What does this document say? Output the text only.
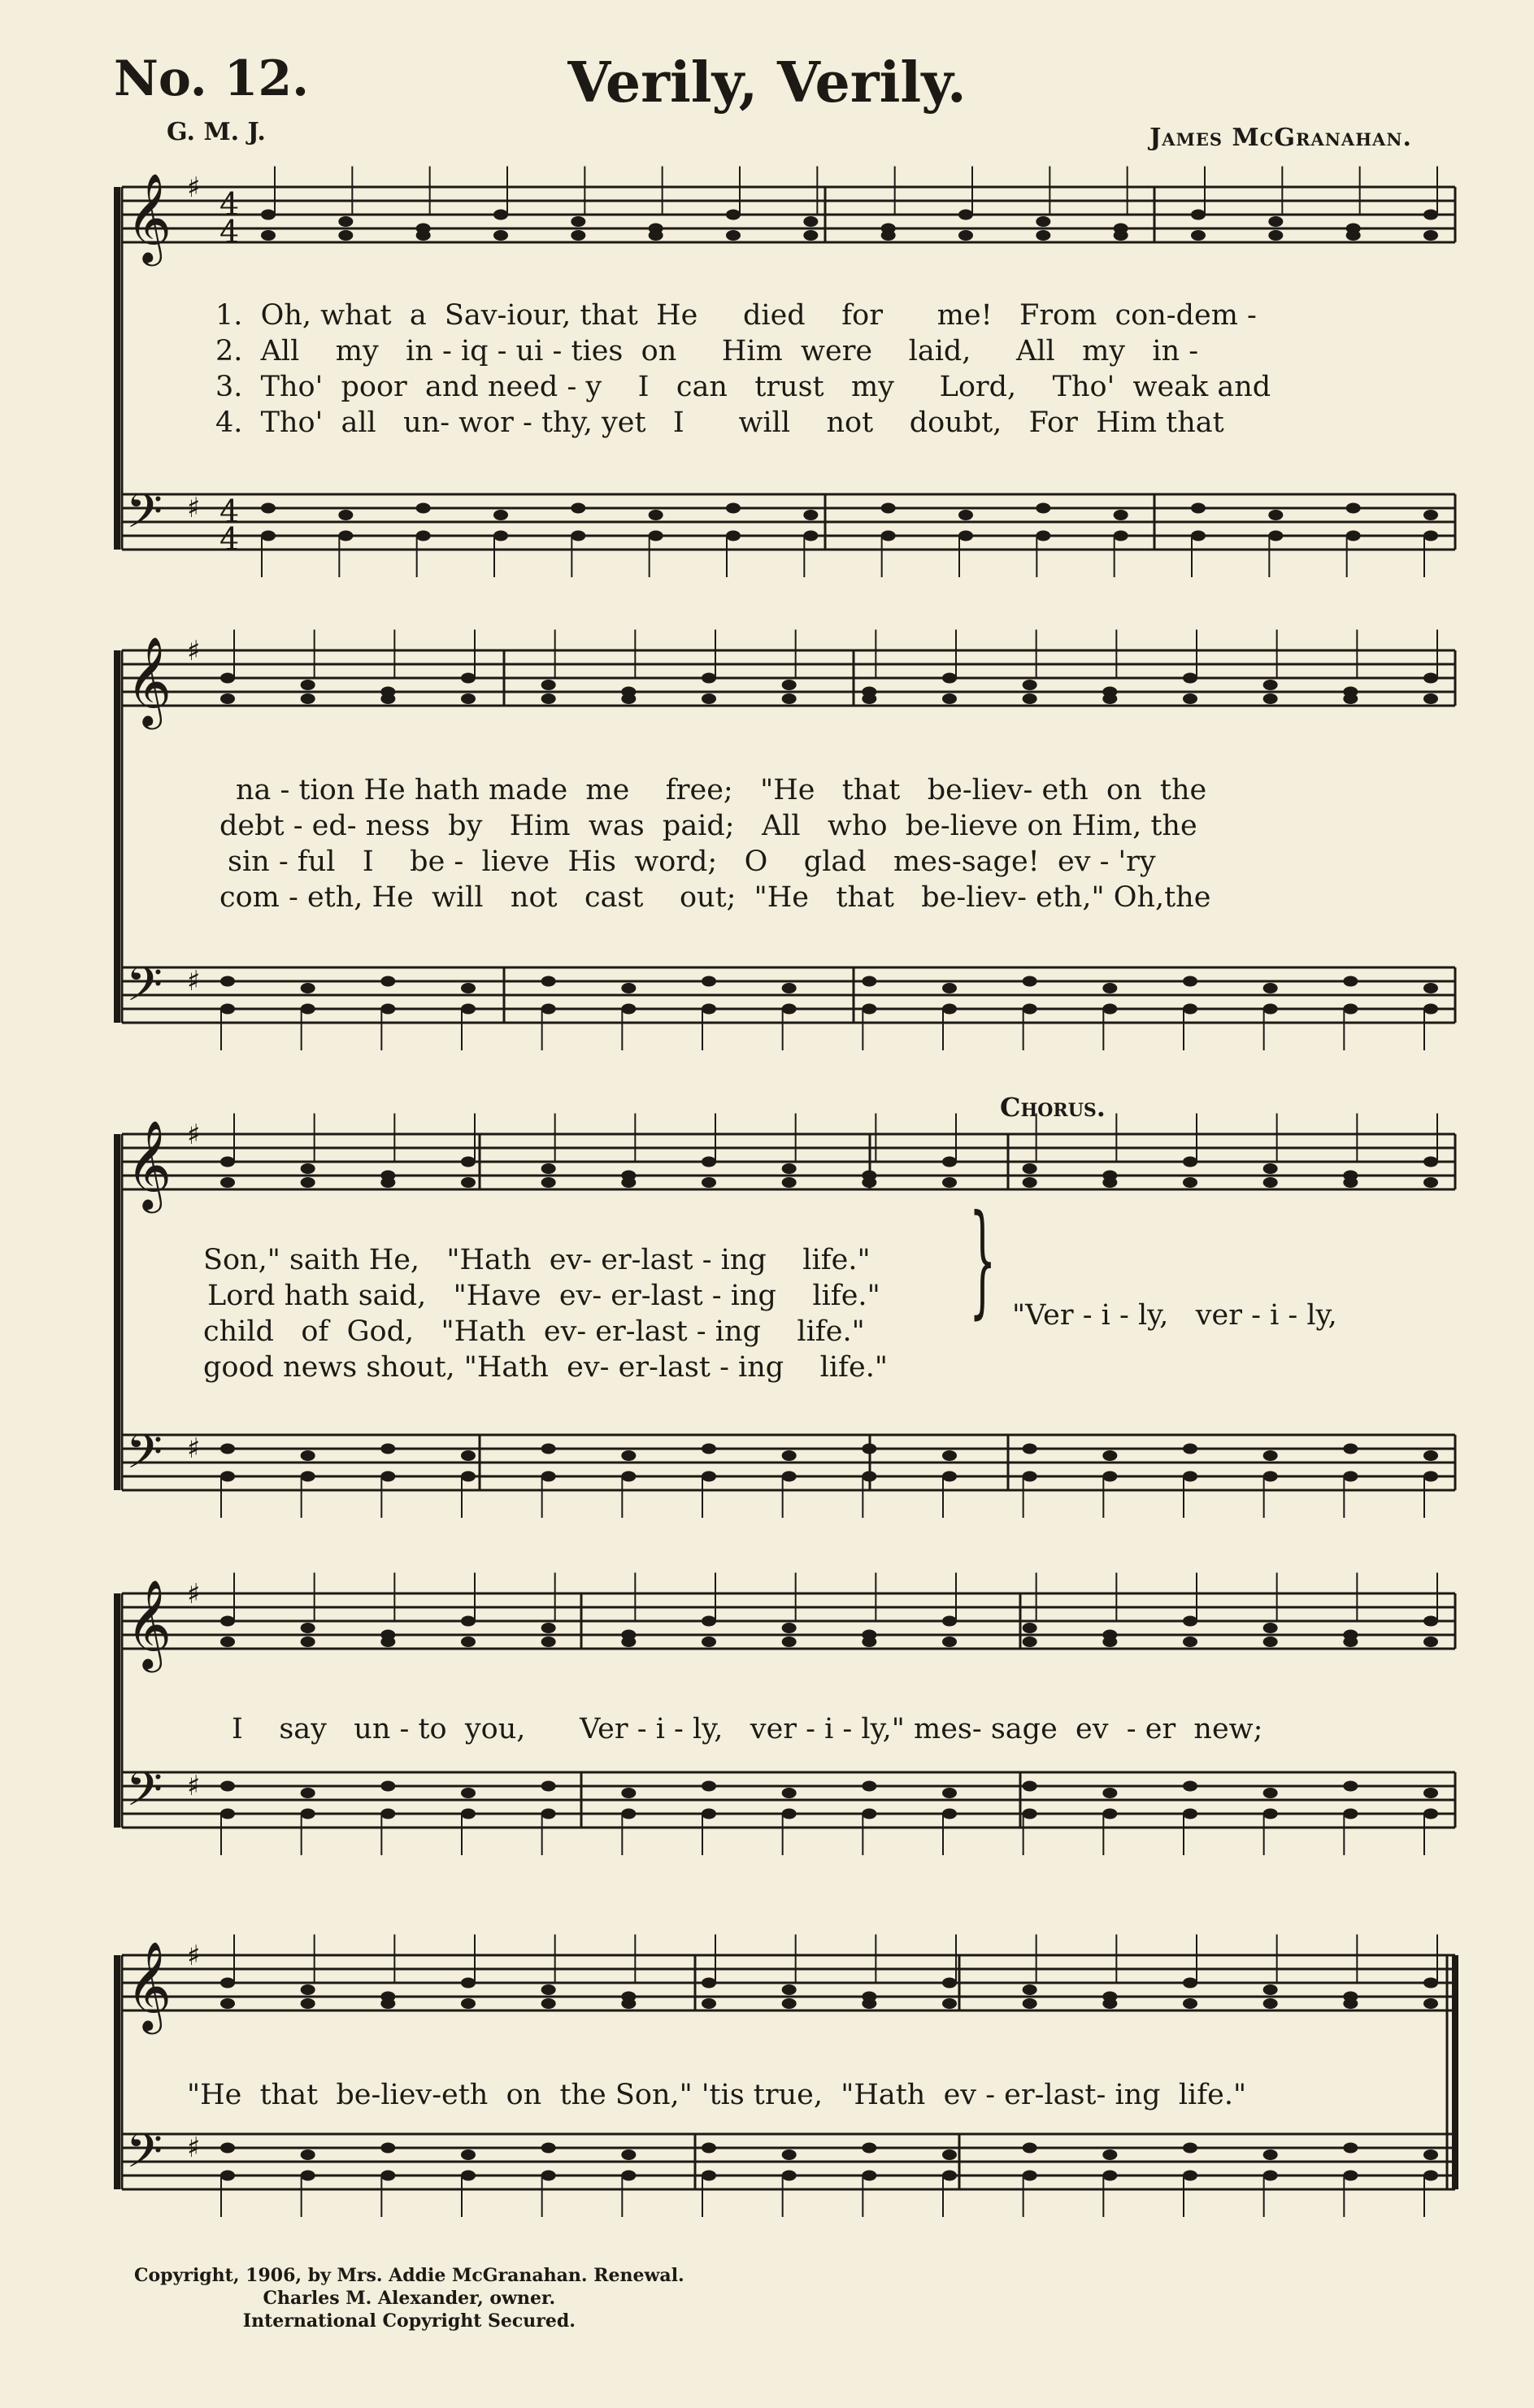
No. 12.	Verily, Verily.
G. M. J.	James McGranahan.
𝄞 ♯
𝄢 ♯
4
4
4
4
𝄞 ♯
𝄢 ♯
𝄞 ♯
𝄢 ♯
𝄞 ♯
𝄢 ♯
𝄞 ♯
𝄢 ♯
1.  Oh, what  a  Sav-iour, that  He     died    for      me!   From  con-dem -
2.  All    my   in - iq - ui - ties  on     Him  were    laid,     All   my   in -
3.  Tho'  poor  and need - y    I   can   trust   my     Lord,    Tho'  weak and
4.  Tho'  all   un- wor - thy, yet   I      will    not    doubt,   For  Him that
na - tion He hath made  me    free;   "He   that   be-liev- eth  on  the
debt - ed- ness  by   Him  was  paid;   All   who  be-lieve on Him, the
sin - ful   I    be -  lieve  His  word;   O    glad   mes-sage!  ev - 'ry
com - eth, He  will   not   cast    out;  "He   that   be-liev- eth," Oh,the
Chorus.
Son," saith He,   "Hath  ev- er-last - ing    life."
Lord hath said,   "Have  ev- er-last - ing    life."
child   of  God,   "Hath  ev- er-last - ing    life."
good news shout, "Hath  ev- er-last - ing    life."
} "Ver - i - ly,   ver - i - ly,
I    say   un - to  you,      Ver - i - ly,   ver - i - ly," mes- sage  ev  - er  new;
"He  that  be-liev-eth  on  the Son," 'tis true,  "Hath  ev - er-last- ing  life."
Copyright, 1906, by Mrs. Addie McGranahan. Renewal.
Charles M. Alexander, owner.
International Copyright Secured.
